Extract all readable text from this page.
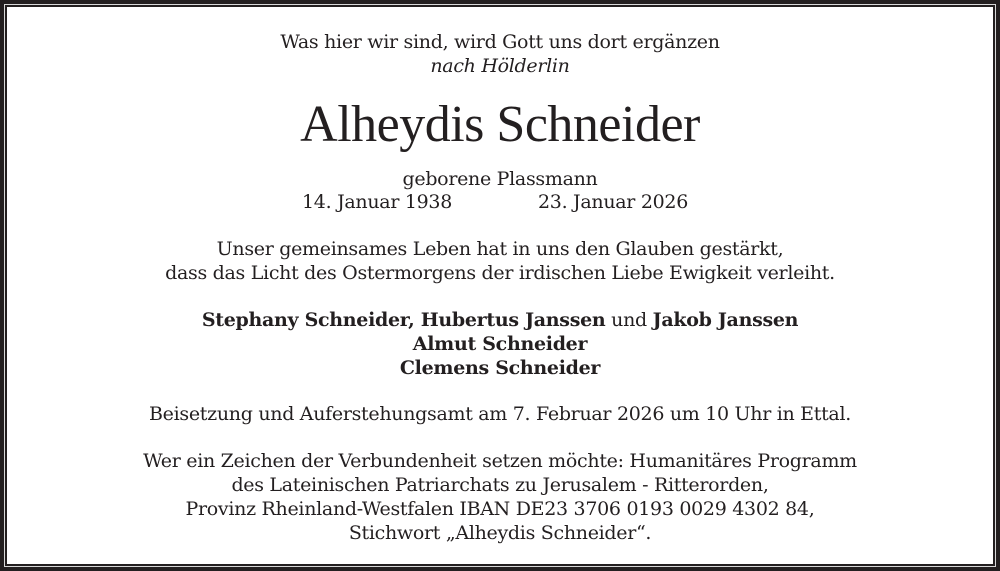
Was hier wir sind, wird Gott uns dort ergänzen
nach Hölderlin
Alheydis Schneider
geborene Plassmann
14. Januar 1938	23. Januar 2026
Unser gemeinsames Leben hat in uns den Glauben gestärkt,
dass das Licht des Ostermorgens der irdischen Liebe Ewigkeit verleiht.
Stephany Schneider, Hubertus Janssen und Jakob Janssen
Almut Schneider
Clemens Schneider
Beisetzung und Auferstehungsamt am 7. Februar 2026 um 10 Uhr in Ettal.
Wer ein Zeichen der Verbundenheit setzen möchte: Humanitäres Programm
des Lateinischen Patriarchats zu Jerusalem - Ritterorden,
Provinz Rheinland-Westfalen IBAN DE23 3706 0193 0029 4302 84,
Stichwort „Alheydis Schneider“.
